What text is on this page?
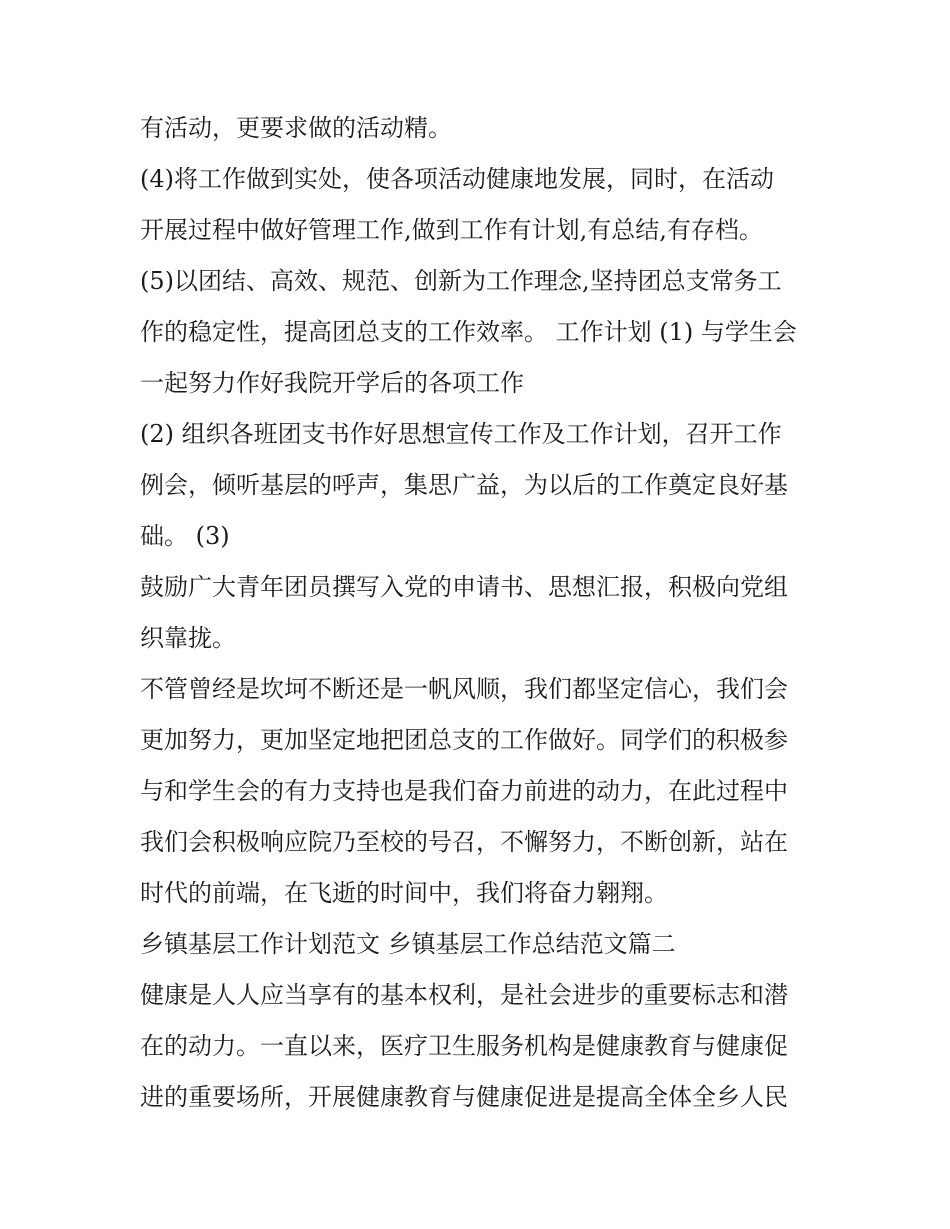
有活动，更要求做的活动精。
(4)将工作做到实处，使各项活动健康地发展，同时，在活动
开展过程中做好管理工作,做到工作有计划,有总结,有存档。
(5)以团结、高效、规范、创新为工作理念,坚持团总支常务工
作的稳定性，提高团总支的工作效率。 工作计划 (1) 与学生会
一起努力作好我院开学后的各项工作
(2) 组织各班团支书作好思想宣传工作及工作计划，召开工作
例会，倾听基层的呼声，集思广益，为以后的工作奠定良好基
础。 (3)
鼓励广大青年团员撰写入党的申请书、思想汇报，积极向党组
织靠拢。
不管曾经是坎坷不断还是一帆风顺，我们都坚定信心，我们会
更加努力，更加坚定地把团总支的工作做好。同学们的积极参
与和学生会的有力支持也是我们奋力前进的动力，在此过程中
我们会积极响应院乃至校的号召，不懈努力，不断创新，站在
时代的前端，在飞逝的时间中，我们将奋力翱翔。
乡镇基层工作计划范文 乡镇基层工作总结范文篇二
健康是人人应当享有的基本权利，是社会进步的重要标志和潜
在的动力。一直以来，医疗卫生服务机构是健康教育与健康促
进的重要场所，开展健康教育与健康促进是提高全体全乡人民
